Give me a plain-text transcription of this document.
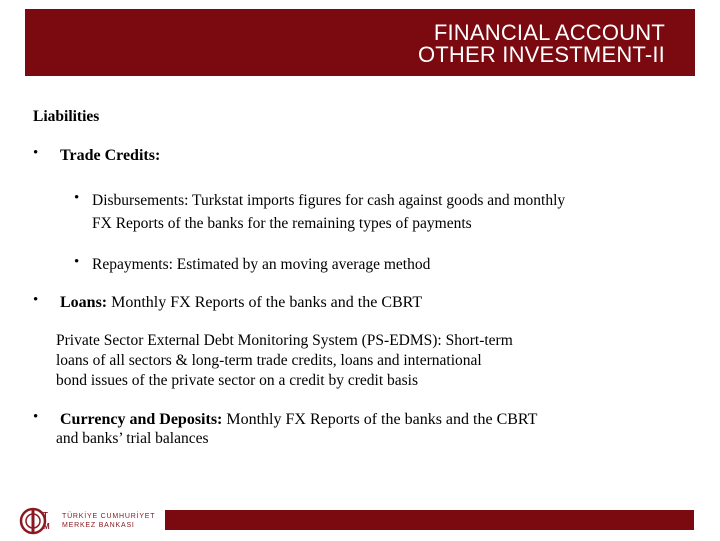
FINANCIAL ACCOUNT
OTHER INVESTMENT-II
Liabilities
• Trade Credits:
• Disbursements: Turkstat imports figures for cash against goods and monthly
FX Reports of the banks for the remaining types of payments
• Repayments: Estimated by an moving average method
• Loans: Monthly FX Reports of the banks and the CBRT
Private Sector External Debt Monitoring System (PS-EDMS): Short-term
loans of all sectors & long-term trade credits, loans and international
bond issues of the private sector on a credit by credit basis
• Currency and Deposits: Monthly FX Reports of the banks and the CBRT
and banks’ trial balances
T
M
TÜRKİYE CUMHURİYET
MERKEZ BANKASI
